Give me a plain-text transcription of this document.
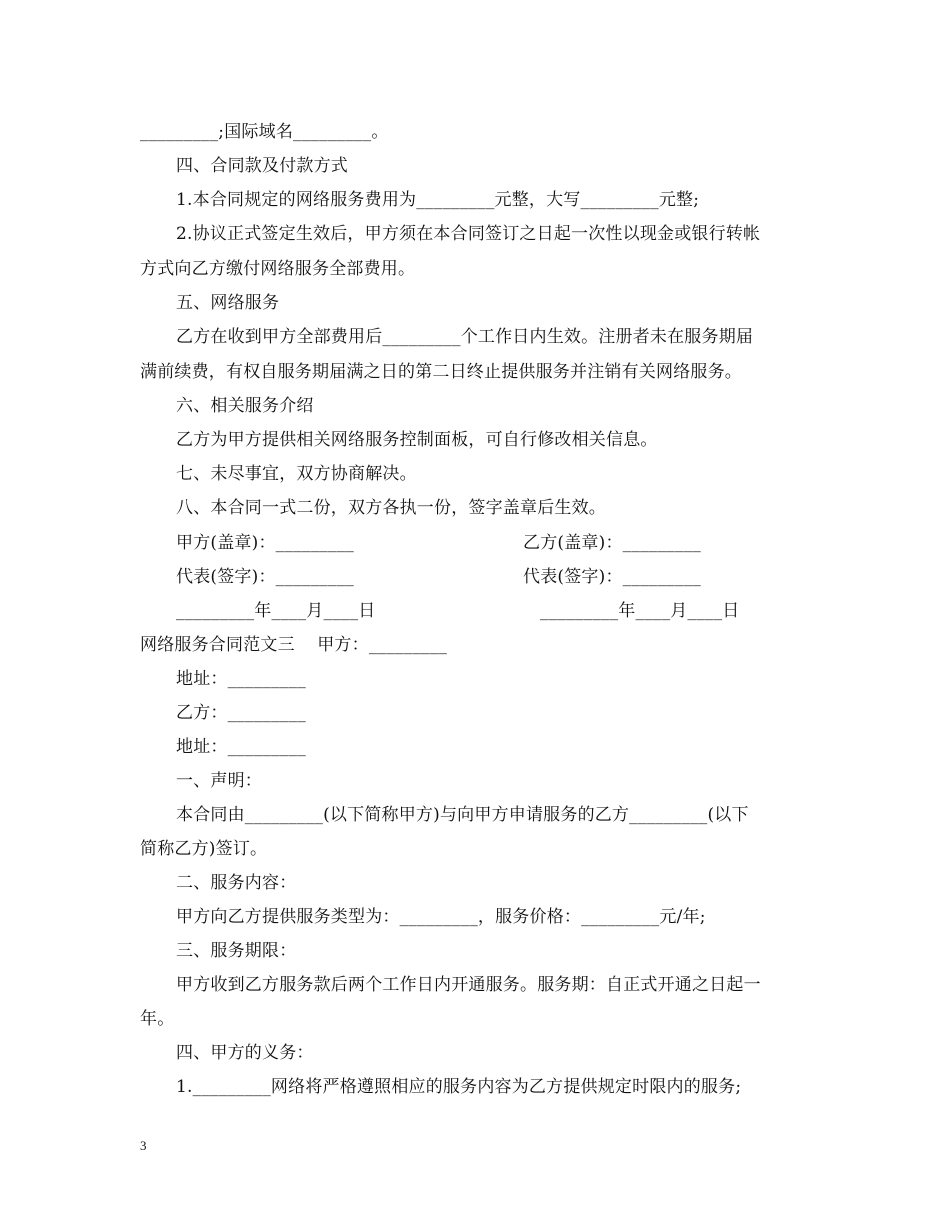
_________;国际域名_________。
四、合同款及付款方式
1.本合同规定的网络服务费用为_________元整，大写_________元整;
2.协议正式签定生效后，甲方须在本合同签订之日起一次性以现金或银行转帐
方式向乙方缴付网络服务全部费用。
五、网络服务
乙方在收到甲方全部费用后_________个工作日内生效。注册者未在服务期届
满前续费，有权自服务期届满之日的第二日终止提供服务并注销有关网络服务。
六、相关服务介绍
乙方为甲方提供相关网络服务控制面板，可自行修改相关信息。
七、未尽事宜，双方协商解决。
八、本合同一式二份，双方各执一份，签字盖章后生效。
甲方(盖章)：_________	乙方(盖章)：_________
代表(签字)：_________	代表(签字)：_________
_________年____月____日	_________年____月____日
网络服务合同范文三    甲方：_________
地址：_________
乙方：_________
地址：_________
一、声明：
本合同由_________(以下简称甲方)与向甲方申请服务的乙方_________(以下
简称乙方)签订。
二、服务内容：
甲方向乙方提供服务类型为：_________，服务价格：_________元/年;
三、服务期限：
甲方收到乙方服务款后两个工作日内开通服务。服务期：自正式开通之日起一
年。
四、甲方的义务：
1._________网络将严格遵照相应的服务内容为乙方提供规定时限内的服务;
3
